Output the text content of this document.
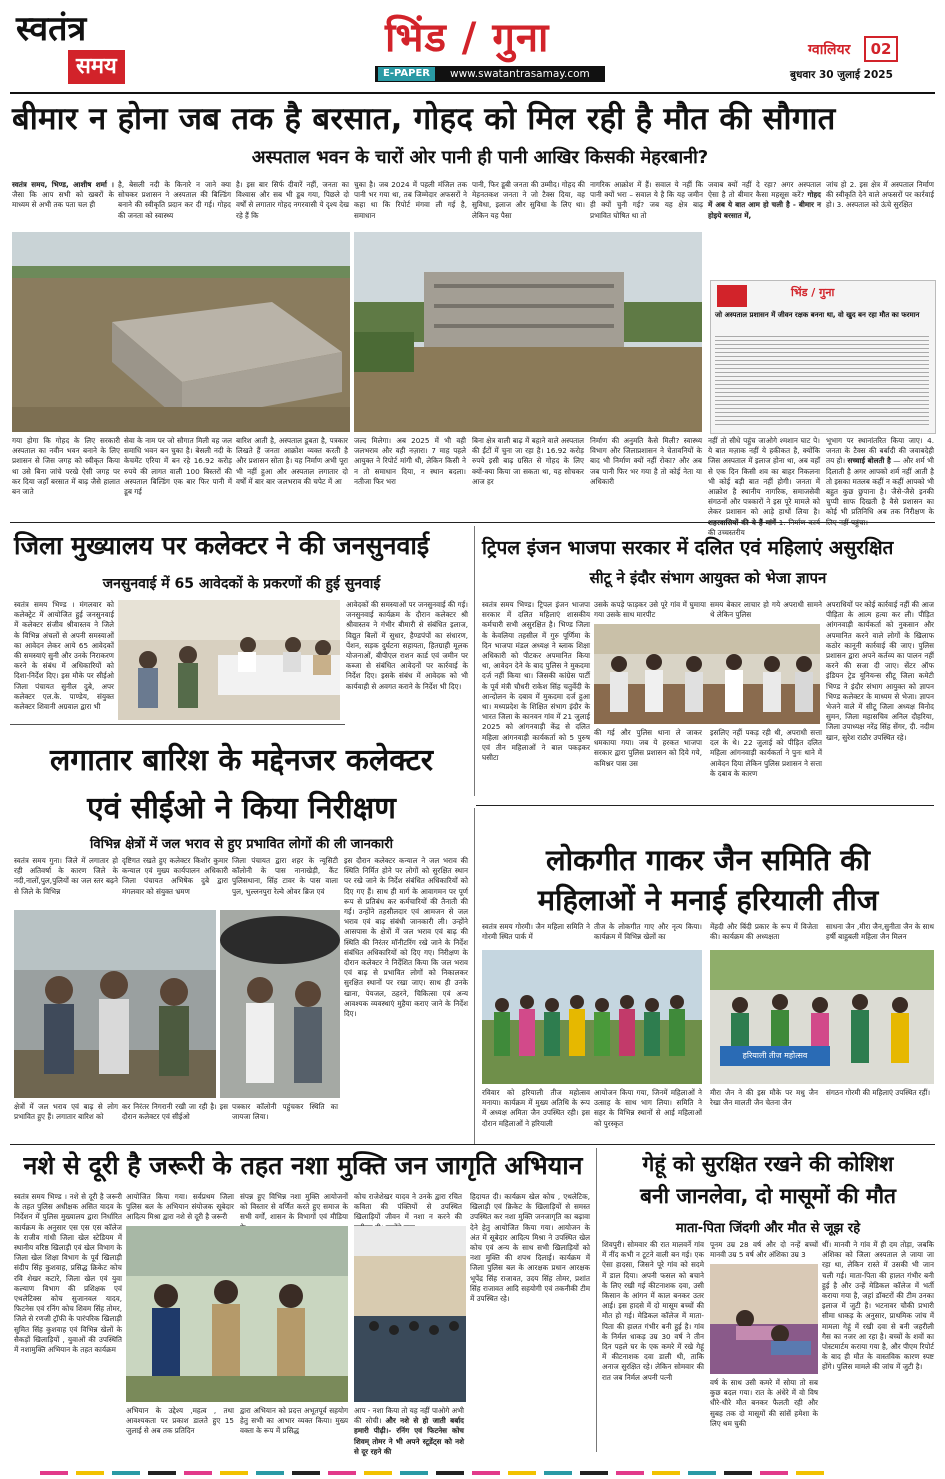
स्वतंत्र
समय
भिंड / गुना
E-PAPER	www.swatantrasamay.com
ग्वालियर	02
बुधवार 30 जुलाई 2025
बीमार न होना जब तक है बरसात, गोहद को मिल रही है मौत की सौगात
अस्पताल भवन के चारों ओर पानी ही पानी आखिर किसकी मेहरबानी?
स्वतंत्र समय, भिण्ड, आशीष शर्मा । जैसा कि आप सभी को खबरों के माध्यम से अभी तक पता चल ही
है, बेसली नदी के किनारे न जाने क्या सोचकर प्रशासन ने अस्पताल की बिल्डिंग बनाने की स्वीकृति प्रदान कर दी गई। गोहद की जनता को स्वास्थ्य
है। इस बार सिर्फ दीवारें नहीं, जनता का विश्वास और सब भी डूब गया, पिछले दो वर्षों से लगातार गोहद नगरवासी ये दृश्य देख रहे हैं कि
चुका है। जब 2024 में पहली मंजिल तक पानी भर गया था, तब जिम्मेदार अफसरों ने कहा था कि रिपोर्ट मंगवा ली गई है, समाधान
पानी, फिर डूबी जनता की उम्मीद। गोहद की मेहनतकश जनता ने जो टैक्स दिया, वह सुविधा, इलाज और सुविधा के लिए था। लेकिन यह पैसा
नागरिक आक्रोश में हैं। सवाल ये नहीं कि पानी क्यों भरा – सवाल ये है कि यह जमीन ही क्यों चुनी गई? जब यह क्षेत्र बाढ़ प्रभावित घोषित था तो
जवाब क्यों नहीं दे रहा? अगर अस्पताल ऐसा है तो बीमार कैसा महसूस करें? गोहद में अब ये बात आम हो चली है - बीमार न होइये बरसात में,
जांच हो 2. इस क्षेत्र में अस्पताल निर्माण की स्वीकृति देने वाले अफसरों पर कार्रवाई हो। 3. अस्पताल को ऊंचे सुरक्षित
भिंड / गुना
जो अस्पताल प्रशासन में जीवन रक्षक बनना था, वो खुद बन रहा मौत का फरमान
गया होगा कि गोहद के लिए सरकारी अस्पताल का नवीन भवन बनाने के लिए प्रशासन से जिस जगह को स्वीकृत किया था उसे बिना जांचे परखे ऐसी जगह पर कर दिया जहाँ बरसात में बाढ़ जैसे हालात बन जाते
सेवा के नाम पर जो सौगात मिली वह जल समाधि भवन बन चुका है। बेसली नदी के केचमेंट एरिया में बन रहे 16.92 करोड़ रुपये की लागत वाली 100 बिस्तरों की अस्पताल बिल्डिंग एक बार फिर पानी में डूब गई
बारिश आती है, अस्पताल डूबता है, पत्रकार लिखते हैं जनता आक्रोश व्यक्त करती है और प्रशासन सोता है। यह निर्माण अभी पूरा भी नहीं हुआ और अस्पताल लगातार दो वर्षों में बार बार जलभराव की चपेट में आ
जल्द मिलेगा। अब 2025 में भी वही जलभराव और वही नज़ारा। 7 माह पहले आयुक्त ने रिपोर्ट मांगी थी, लेकिन किसी ने न तो समाधान दिया, न स्थान बदला। नतीजा फिर भरा
बिना क्षेत्र वाली बाढ़ में बहाने वाले अस्पताल की ईंटों में चुना जा रहा है। 16.92 करोड़ रुपये इसी बाढ़ ग्रसित से गोहद के लिए क्यों-क्या किया जा सकता था, यह सोचकर आज हर
निर्माण की अनुमति कैसे मिली? स्वास्थ्य विभाग और जिलाप्रशासन ने चेतावनियों के बाद भी निर्माण क्यों नहीं रोका? और अब जब पानी फिर भर गया है तो कोई नेता या अधिकारी
नहीं तो सीधे पहुंच जाओगे श्मशान घाट पे। ये बात मज़ाक नहीं ये हकीकत है, क्योंकि जिस अस्पताल में इलाज होना था, अब वहाँ से एक दिन किसी शव का बाहर निकलना भी कोई बड़ी बात नहीं होगी। जनता में आक्रोश है स्थानीय नागरिक, समाजसेवी संगठनों और पत्रकारों ने इस पूरे मामले को लेकर प्रशासन को आड़े हाथों लिया है। शहरवासियों की ये हैं मांगें 1. निर्माण कार्य की उच्चस्तरीय
भूभाग पर स्थानांतरित किया जाए। 4. जनता के टैक्स की बर्बादी की जवाबदेही तय हो। सच्चाई बोलती है — और शर्म भी दिलाती है अगर आपको शर्म नहीं आती है तो इसका मतलब कहीं न कहीं आपको भी बहुत कुछ छुपाना है। जैसे-जैसे इनकी चुप्पी साफ दिखती है वैसे प्रशासन का कोई भी प्रतिनिधि अब तक निरीक्षण के लिए नहीं पहुंचा।
जिला मुख्यालय पर कलेक्टर ने की जनसुनवाई
जनसुनवाई में 65 आवेदकों के प्रकरणों की हुई सुनवाई
स्वतंत्र समय भिण्ड । मंगलवार को कलेक्ट्रेट में आयोजित हुई जनसुनवाई में कलेक्टर संजीव श्रीवास्तव ने जिले के विभिन्न अंचलों से अपनी समस्याओं का आवेदन लेकर आये 65 आवेदकों की समस्याएं सुनी और उनके निराकरण करने के संबंध में अधिकारियों को दिशा-निर्देश दिए। इस मौके पर सीईओ जिला पंचायत सुनील दुबे, अपर कलेक्टर एल.के. पाण्डेय, संयुक्त कलेक्टर शिवानी अग्रवाल द्वारा भी
आवेदकों की समस्याओं पर जनसुनवाई की गई। जनसुनवाई कार्यक्रम के दौरान कलेक्टर श्री श्रीवास्तव ने गंभीर बीमारी से संबंधित इलाज, विद्युत बिलों में सुधार, हैण्डपंपों का संधारण, पेंशन, सड़क दुर्घटना सहायता, हितग्राही मूलक योजनाओं, बीपीएल राशन कार्ड एवं जमीन पर कब्जा से संबंधित आवेदनों पर कार्रवाई के निर्देश दिए। इसके संबंध में आवेदक को भी कार्यवाही से अवगत कराने के निर्देश भी दिए।
ट्रिपल इंजन भाजपा सरकार में दलित एवं महिलाएं असुरक्षित
सीटू ने इंदौर संभाग आयुक्त को भेजा ज्ञापन
स्वतंत्र समय भिण्ड। ट्रिपल इंजन भाजपा सरकार में दलित महिलाएं शासकीय कर्मचारी सभी असुरक्षित है। भिण्ड जिला के केवलिया तहसील में गुरु पूर्णिमा के दिन भाजपा मंडल अध्यक्ष ने ब्लाक शिक्षा अधिकारी को पीटकर अपमानित किया था, आवेदन देने के बाद पुलिस ने मुकदमा दर्ज नहीं किया था। जिसकी कांग्रेस पार्टी के पूर्व मंत्री चौधरी राकेश सिंह चतुर्वेदी के आन्दोलन के दबाव में मुकदमा दर्ज हुआ था। मध्यप्रदेश के शिक्षित संभाग इंदौर के भारत जिला के कानवन गांव में 21 जुलाई 2025 को आंगनवाड़ी केंद्र से दलित महिला आंगनवाड़ी कार्यकर्ता को 5 पुरुष एवं तीन महिलाओं ने बाल पकड़कर घसीटा
उसके कपड़े फाड़कर उसे पूरे गांव में घुमाया गया उसके साथ मारपीट
समय बेकार लाचार हो गये अपराधी सामने थे लेकिन पुलिस
की गई और पुलिस थाना ले जाकर धमकाया गया। जब ये हरकत भाजपा सरकार द्वारा पुलिस प्रशासन को दिये गये, कमिश्नर पास उस
इसलिए नहीं पकड़ रही थी, अपराधी सत्ता दल के थे। 22 जुलाई को पीड़ित दलित महिला आंगनवाड़ी कार्यकर्ता ने पुनः थाने में आवेदन दिया लेकिन पुलिस प्रशासन ने सत्ता के दबाव के कारण
अपराधियों पर कोई कार्रवाई नहीं की आज पीड़िता के आत्म हत्या कर ली। पीड़ित आंगनवाड़ी कार्यकर्ता को नुकसान और अपमानित करने वाले लोगों के खिलाफ कठोर कानूनी कार्रवाई की जाए। पुलिस प्रशासन द्वारा अपने कर्तव्य का पालन नहीं करने की सजा दी जाए। सेंटर ऑफ इंडियन ट्रेड यूनियन्स सीटू जिला कमेटी भिण्ड ने इंदौर संभाग आयुक्त को ज्ञापन भिण्ड कलेक्टर के माध्यम से भेजा। ज्ञापन भेजने वाले में सीटू जिला अध्यक्ष विनोद सुमन, जिला महासचिव अनिल दौहरिया, जिला उपाध्यक्ष नरेंद्र सिंह सेंगर, दी. नदीम खान, सुरेश राठौर उपस्थित रहे।
लगातार बारिश के मद्देनजर कलेक्टर
एवं सीईओ ने किया निरीक्षण
विभिन्न क्षेत्रों में जल भराव से हुए प्रभावित लोगों की ली जानकारी
स्वतंत्र समय गुना। जिले में लगातार हो रही अतिवर्षा के कारण जिले के नदी,नालों,पुल,पुलियों का जल स्तर बढ़ने से जिले के विभिन्न
दृष्टिगत रखते हुए कलेक्टर किशोर कुमार कन्याल एवं मुख्य कार्यपालन अधिकारी जिला पंचायत अभिषेक दुबे द्वारा मंगलवार को संयुक्त भ्रमण
जिला पंचायत द्वारा शहर के न्यूसिटी कॉलोनी के पास नानाखेड़ी, कैंट पुलिसथाना, सिंह टावर के पास वाला पुल, भुल्लनपुरा रेल्वे ओवर ब्रिज एवं
इस दौरान कलेक्टर कन्याल ने जल भराव की स्थिति निर्मित होने पर लोगों को सुरक्षित स्थान पर रखे जाने के निर्देश संबंधित अधिकारियों को दिए गए हैं। साथ ही मार्ग के आवागमन पर पूर्ण रूप से प्रतिबंध कर कर्मचारियों की तैनाती की गई। उन्होंने तहसीलदार एवं आमजन से जल भराव एवं बाढ़ संबंधी जानकारी ली। उन्होंने आसपास के क्षेत्रों में जल भराव एवं बाढ़ की स्थिति की निरंतर मॉनीटरिंग रखे जाने के निर्देश संबंधित अधिकारियों को दिए गए। निरीक्षण के दौरान कलेक्टर ने निर्देशित किया कि जल भराव एवं बाढ़ से प्रभावित लोगों को निकालकर सुरक्षित स्थानों पर रखा जाए। साथ ही उनके खाना, पेयजल, ठहरने, चिकित्सा एवं अन्य आवश्यक व्यवस्थाएं मुहैया कराए जाने के निर्देश दिए।
क्षेत्रों में जल भराव एवं बाढ़ से लोग प्रभावित हुए हैं। लगातार बारिश को
कर निरंतर निगरानी रखी जा रही है। इस दौरान कलेक्टर एवं सीईओ
पत्रकार कॉलोनी पहुंचकर स्थिति का जायजा लिया।
लोकगीत गाकर जैन समिति की
महिलाओं ने मनाई हरियाली तीज
स्वतंत्र समय गोरमी। जैन महिला समिति ने गोरमी स्थित पार्क में
तीज के लोकगीत गाए और नृत्य किया। कार्यक्रम में विभिन्न खेलों का
मेंहदी और बिंदी प्रकार के रूप में विजेता की। कार्यक्रम की अध्यक्षता
साधना जैन ,मीरा जैन,सुनीता जैन के साथ हर्षी बाहुबली महिला जैन मिलन
हरियाली तीज महोत्सव
रविवार को हरियाली तीज महोत्सव मनाया। कार्यक्रम में मुख्य अतिथि के रूप में अध्यक्ष अमिता जैन उपस्थित रही। इस दौरान महिलाओं ने हरियाली
आयोजन किया गया, जिनमें महिलाओं ने उत्साह के साथ भाग लिया। समिति ने सहर के विभिन्न स्थानों से आई महिलाओं को पुरस्कृत
मीरा जैन ने की इस मौके पर मधु जैन रेखा जैन मालती जैन चेतना जैन
संगठन गोरमी की महिलाएं उपस्थित रहीं।
नशे से दूरी है जरूरी के तहत नशा मुक्ति जन जागृति अभियान
स्वतंत्र समय भिण्ड । नशे से दूरी है जरूरी के तहत पुलिस अधीक्षक असित यादव के निर्देशन में पुलिस मुख्यालय द्वारा निर्धारित कार्यक्रम के अनुसार एस एस एस कॉलेज के राजीव गांधी जिला खेल स्टेडियम में स्थानीय वरिष्ठ खिलाड़ी एवं खेल विभाग के जिला खेल शिक्षा विभाग के पूर्व खिलाड़ी संदीप सिंह कुशवाह, प्रसिद्ध क्रिकेट कोच रवि शेखर कटारे, जिला खेल एवं युवा कल्याण विभाग की प्रशिक्षक एवं एथलेटिक्स कोच सुजानवल यादव, फिटनेस एवं रनिंग कोच शिवम सिंह तोमर, जिले से रणजी ट्रॉफी के पारंपरिक खिलाड़ी सुमित सिंह कुशवाह एवं विभिन्न खेलों के सैकड़ों खिलाड़ियों , युवाओं की उपस्थिति में नशामुक्ति अभियान के तहत कार्यक्रम
आयोजित किया गया। सर्वप्रथम जिला पुलिस बल के अभियान संयोजक सूबेदार आदित्य मिश्रा द्वारा नशे से दूरी है जरूरी
संपन्न हुए विभिन्न नशा मुक्ति आयोजनों को विस्तार से वर्णित करते हुए समाज के सभी वर्गों, शासन के विभागों एवं मीडिया
कोच राजेशेखर यादव ने उनके द्वारा रचित कविता की पंक्तियों से उपस्थित खिलाड़ियों जीवन में नशा न करने की
हिदायत दी। कार्यक्रम खेल कोच , एथलेटिक, खिलाड़ी एवं क्रिकेट के खिलाड़ियों से समस्त उपस्थित कर नशा मुक्ति जनजागृति का बढ़ावा देने हेतु आयोजित किया गया। आयोजन के अंत में सूबेदार आदित्य मिश्रा ने उपस्थित खेल कोच एवं अन्य के साथ सभी खिलाड़ियों को नशा मुक्ति की शपथ दिलाई। कार्यक्रम में जिला पुलिस बल के आरक्षक प्रधान आरक्षक भूपेंद्र सिंह राजावत, उदय सिंह तोमर, प्रशांत सिंह राजावत आदि सहयोगी एवं तकनीकी टीम में उपस्थित रहे।
अभियान के उद्देश्य ,महत्व , तथा आवश्यकता पर प्रकाश डालते हुए 15 जुलाई से अब तक प्रतिदिन
द्वारा अभियान को प्रदत्त अभूतपूर्व सहयोग हेतु सभी का आभार व्यक्त किया। मुख्य वक्ता के रूप में प्रसिद्ध
आप - नशा किया तो यह नहीं पाओगे अभी की सोची। और नशे से हो जाती बर्बाद हमारी पीढ़ी।- रनिंग एवं फिटनेस कोच शिवम् तोमर ने भी अपने स्टूडेंट्स को नशे से दूर रहने की
गेहूं को सुरक्षित रखने की कोशिश
बनी जानलेवा, दो मासूमों की मौत
माता-पिता जिंदगी और मौत से जूझ रहे
शिवपुरी। सोमवार की रात मालवर्ने गांव में नींद कभी न टूटने वाली बन गई। एक ऐसा हादसा, जिसने पूरे गांव को सदमे में डाल दिया। अपनी फसल को बचाने के लिए रखी गई कीटनाशक दवा, उसी किसान के आंगन में काल बनकर उतर आई। इस हादसे में दो मासूम बच्चों की मौत हो गई। मेडिकल कॉलेज में माता-पिता की हालत गंभीर बनी हुई है। गांव के निर्मल धाकड़ उम्र 30 वर्ष ने तीन दिन पहले घर के एक कमरे में रखे गेहूं में कीटनाशक दवा डाली थी, ताकि अनाज सुरक्षित रहे। लेकिन सोमवार की रात जब निर्मल अपनी पत्नी
पूनम उम्र 28 वर्ष और दो नन्हें बच्चों मानवी उम्र 5 वर्ष और अंशिका उम्र 3
वर्ष के साथ उसी कमरे में सोया तो सब कुछ बदल गया। रात के अंधेरे में वो विष धीरे-धीरे मौत बनकर फैलती रही और सुबह तक दो मासूमों की सांसें हमेशा के लिए थम चुकी
थीं। मानवी ने गांव में ही दम तोड़ा, जबकि अंशिका को जिला अस्पताल ले जाया जा रहा था, लेकिन रास्ते में उसकी भी जान चली गई। माता-पिता की हालत गंभीर बनी हुई है और उन्हें मेडिकल कॉलेज में भर्ती कराया गया है, जहां डॉक्टरों की टीम उनका इलाज में जुटी है। भटनावर चौकी प्रभारी सीमा धाकड़ के अनुसार, प्राथमिक जांच में मामला गेहूं में रखी दवा से बनी जहरीली गैस का नजर आ रहा है। बच्चों के शवों का पोस्टमार्टम कराया गया है, और पीएम रिपोर्ट के बाद ही मौत के वास्तविक कारण स्पष्ट होंगे। पुलिस मामले की जांच में जुटी है।
